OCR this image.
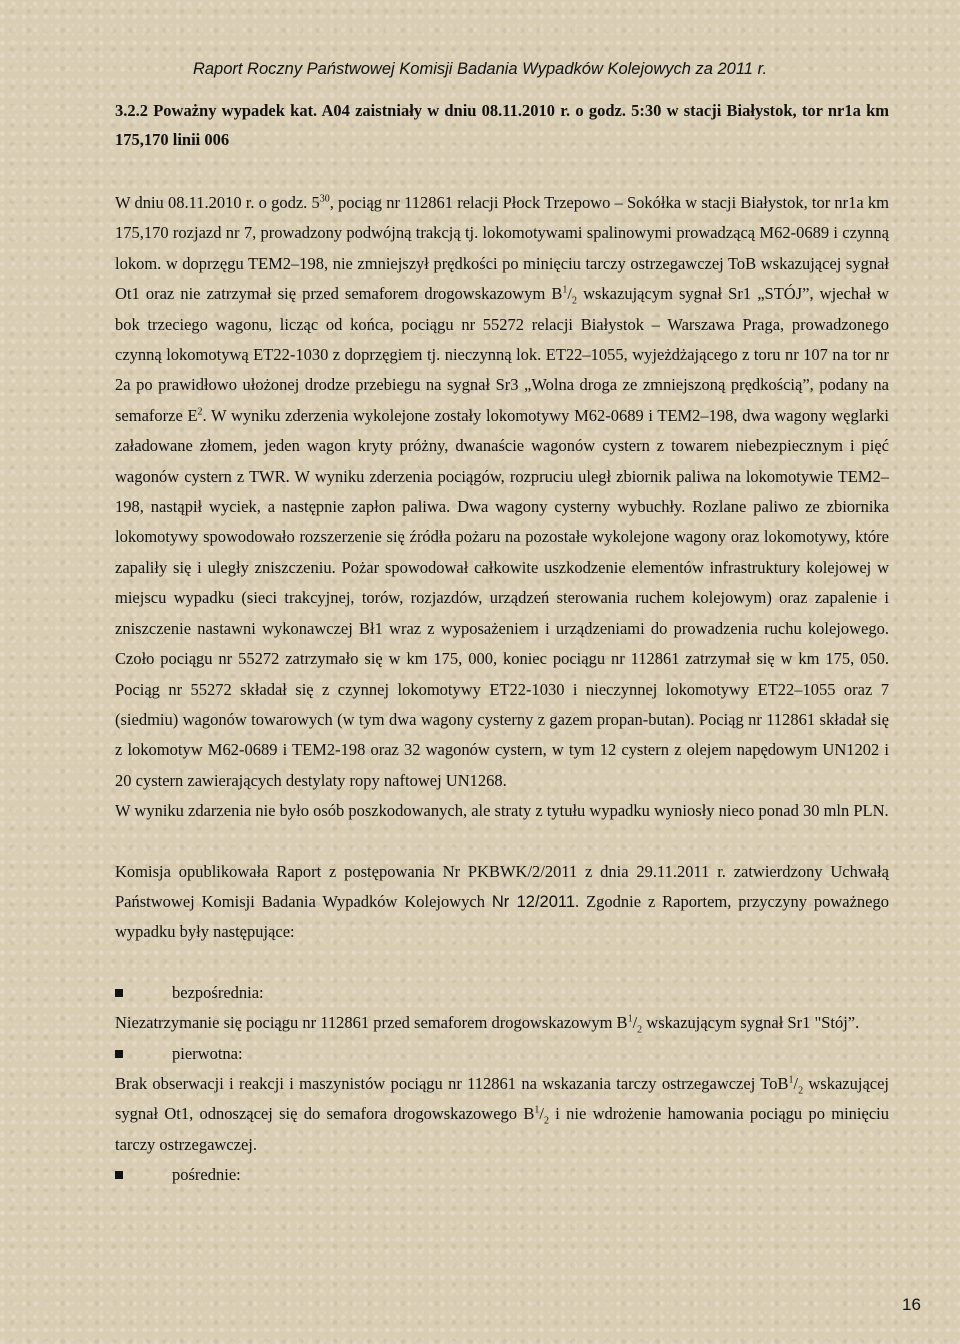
Raport Roczny Państwowej Komisji Badania Wypadków Kolejowych za 2011 r.

3.2.2 Poważny wypadek kat. A04 zaistniały w dniu 08.11.2010 r. o godz. 5:30 w stacji Białystok, tor nr1a km 175,170 linii 006

W dniu 08.11.2010 r. o godz. $5^{30}$, pociąg nr 112861 relacji Płock Trzepowo – Sokółka w stacji Białystok, tor nr1a km 175,170 rozjazd nr 7, prowadzony podwójną trakcją tj. lokomotywami spalinowymi prowadzącą M62-0689 i czynną lokom. w doprzęgu TEM2–198, nie zmniejszył prędkości po minięciu tarczy ostrzegawczej ToB wskazującej sygnał Ot1 oraz nie zatrzymał się przed semaforem drogowskazowym $B^1/_2$ wskazującym sygnał Sr1 „STÓJ”, wjechał w bok trzeciego wagonu, licząc od końca, pociągu nr 55272 relacji Białystok – Warszawa Praga, prowadzonego czynną lokomotywą ET22-1030 z doprzęgiem tj. nieczynną lok. ET22–1055, wyjeżdżającego z toru nr 107 na tor nr 2a po prawidłowo ułożonej drodze przebiegu na sygnał Sr3 „Wolna droga ze zmniejszoną prędkością”, podany na semaforze $E^2$. W wyniku zderzenia wykolejone zostały lokomotywy M62-0689 i TEM2–198, dwa wagony węglarki załadowane złomem, jeden wagon kryty próżny, dwanaście wagonów cystern z towarem niebezpiecznym i pięć wagonów cystern z TWR. W wyniku zderzenia pociągów, rozpruciu uległ zbiornik paliwa na lokomotywie TEM2–198, nastąpił wyciek, a następnie zapłon paliwa. Dwa wagony cysterny wybuchły. Rozlane paliwo ze zbiornika lokomotywy spowodowało rozszerzenie się źródła pożaru na pozostałe wykolejone wagony oraz lokomotywy, które zapaliły się i uległy zniszczeniu. Pożar spowodował całkowite uszkodzenie elementów infrastruktury kolejowej w miejscu wypadku (sieci trakcyjnej, torów, rozjazdów, urządzeń sterowania ruchem kolejowym) oraz zapalenie i zniszczenie nastawni wykonawczej Bł1 wraz z wyposażeniem i urządzeniami do prowadzenia ruchu kolejowego. Czoło pociągu nr 55272 zatrzymało się w km 175, 000, koniec pociągu nr 112861 zatrzymał się w km 175, 050. Pociąg nr 55272 składał się z czynnej lokomotywy ET22-1030 i nieczynnej lokomotywy ET22–1055 oraz 7 (siedmiu) wagonów towarowych (w tym dwa wagony cysterny z gazem propan-butan). Pociąg nr 112861 składał się z lokomotyw M62-0689 i TEM2-198 oraz 32 wagonów cystern, w tym 12 cystern z olejem napędowym UN1202 i 20 cystern zawierających destylaty ropy naftowej UN1268.

W wyniku zdarzenia nie było osób poszkodowanych, ale straty z tytułu wypadku wyniosły nieco ponad 30 mln PLN.

Komisja opublikowała Raport z postępowania Nr PKBWK/2/2011 z dnia 29.11.2011 r. zatwierdzony Uchwałą Państwowej Komisji Badania Wypadków Kolejowych Nr 12/2011. Zgodnie z Raportem, przyczyny poważnego wypadku były następujące:

bezpośrednia:

Niezatrzymanie się pociągu nr 112861 przed semaforem drogowskazowym $B^1/_2$ wskazującym sygnał Sr1 "Stój”.

pierwotna:

Brak obserwacji i reakcji i maszynistów pociągu nr 112861 na wskazania tarczy ostrzegawczej $ToB^1/_2$ wskazującej sygnał Ot1, odnoszącej się do semafora drogowskazowego $B^1/_2$ i nie wdrożenie hamowania pociągu po minięciu tarczy ostrzegawczej.

pośrednie:

16
